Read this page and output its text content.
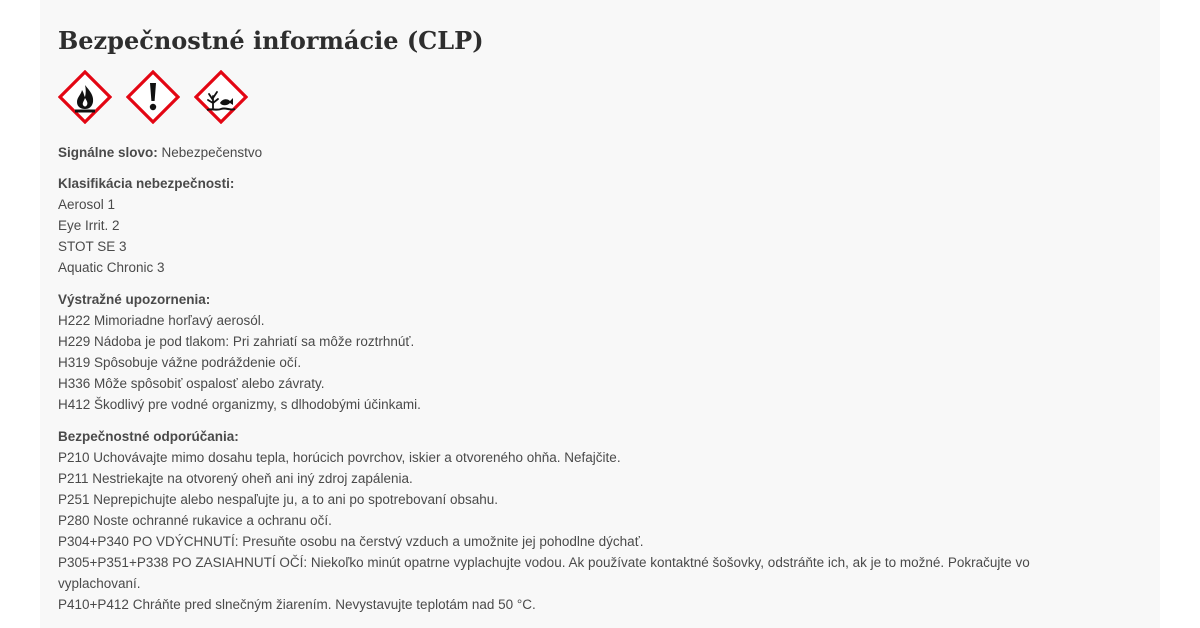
Bezpečnostné informácie (CLP)
Signálne slovo: Nebezpečenstvo
Klasifikácia nebezpečnosti:
Aerosol 1
Eye Irrit. 2
STOT SE 3
Aquatic Chronic 3
Výstražné upozornenia:
H222 Mimoriadne horľavý aerosól.
H229 Nádoba je pod tlakom: Pri zahriatí sa môže roztrhnúť.
H319 Spôsobuje vážne podráždenie očí.
H336 Môže spôsobiť ospalosť alebo závraty.
H412 Škodlivý pre vodné organizmy, s dlhodobými účinkami.
Bezpečnostné odporúčania:
P210 Uchovávajte mimo dosahu tepla, horúcich povrchov, iskier a otvoreného ohňa. Nefajčite.
P211 Nestriekajte na otvorený oheň ani iný zdroj zapálenia.
P251 Neprepichujte alebo nespaľujte ju, a to ani po spotrebovaní obsahu.
P280 Noste ochranné rukavice a ochranu očí.
P304+P340 PO VDÝCHNUTÍ: Presuňte osobu na čerstvý vzduch a umožnite jej pohodlne dýchať.
P305+P351+P338 PO ZASIAHNUTÍ OČÍ: Niekoľko minút opatrne vyplachujte vodou. Ak používate kontaktné šošovky, odstráňte ich, ak je to možné. Pokračujte vo
vyplachovaní.
P410+P412 Chráňte pred slnečným žiarením. Nevystavujte teplotám nad 50 °C.
